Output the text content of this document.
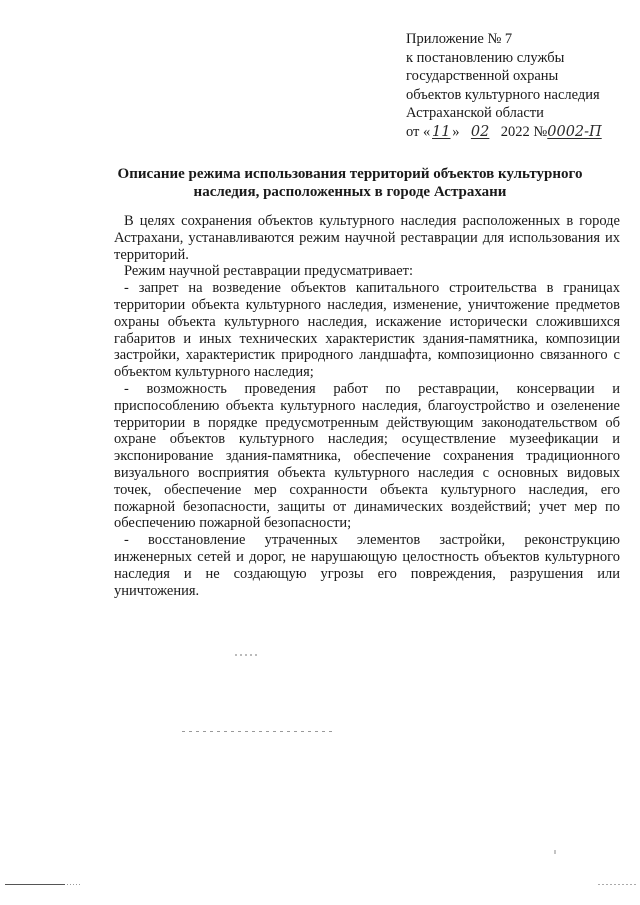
Приложение № 7
к постановлению службы
государственной охраны
объектов культурного наследия
Астраханской области
от « 11 » 02 2022 №0002-П
Описание режима использования территорий объектов культурного наследия, расположенных в городе Астрахани

В целях сохранения объектов культурного наследия расположенных в городе Астрахани, устанавливаются режим научной реставрации для использования их территорий.

Режим научной реставрации предусматривает:

- запрет на возведение объектов капитального строительства в границах территории объекта культурного наследия, изменение, уничтожение предметов охраны объекта культурного наследия, искажение исторически сложившихся габаритов и иных технических характеристик здания-памятника, композиции застройки, характеристик природного ландшафта, композиционно связанного с объектом культурного наследия;

- возможность проведения работ по реставрации, консервации и приспособлению объекта культурного наследия, благоустройство и озеленение территории в порядке предусмотренным действующим законодательством об охране объектов культурного наследия; осуществление музеефикации и экспонирование здания-памятника, обеспечение сохранения традиционного визуального восприятия объекта культурного наследия с основных видовых точек, обеспечение мер сохранности объекта культурного наследия, его пожарной безопасности, защиты от динамических воздействий; учет мер по обеспечению пожарной безопасности;

- восстановление утраченных элементов застройки, реконструкцию инженерных сетей и дорог, не нарушающую целостность объектов культурного наследия и не создающую угрозы его повреждения, разрушения или уничтожения.
